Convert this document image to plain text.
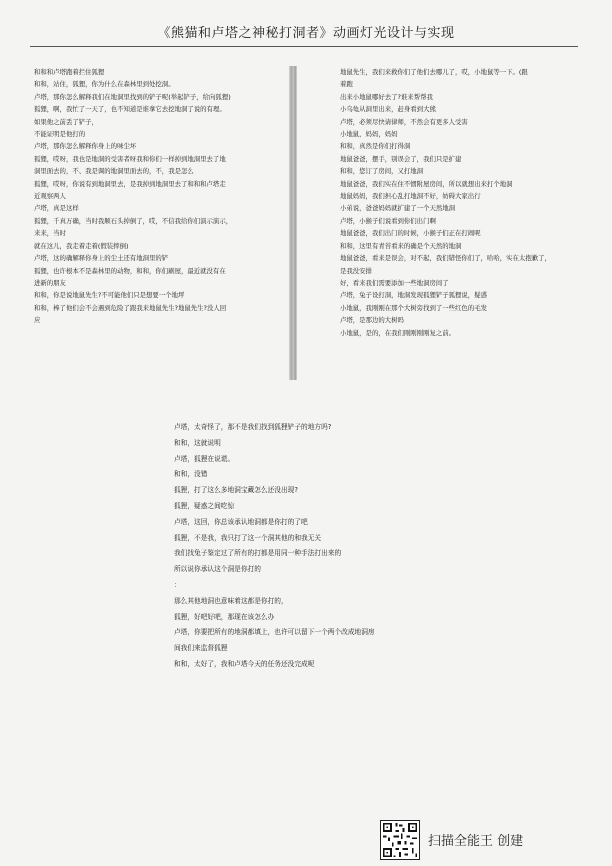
《熊猫和卢塔之神秘打洞者》动画灯光设计与实现
和和和卢塔跑着拦住狐狸
和和，站住，狐狸，你为什么在森林里到处挖洞。
卢塔，那你怎么解释我们在地洞里找到的铲子呢(举起铲子，给向狐狸)
狐狸，啊，我忙了一天了，也不知道是谁拿它去挖地洞了说的有理。
如果他之前丢了铲子，
不能证明是他打的
卢塔，那你怎么解释你身上的味尘坏
狐狸，哎呀，我也是地洞的受害者呀我和你们一样掉到地洞里去了地
洞里面去的，不、我是调的地洞里面去的，不，我是怎么
狐狸，哎呀，你说有到地洞里去，是我掉到地洞里去了和和和卢塔走
近观察两人
卢塔，真是这样
狐狸，千真万确，当时我顺石头掉倒了，哎，不信我给你们演示演示，
来来，当时
就在这儿，我走着走着(假装摔倒)
卢塔，这的确解释你身上的尘土还有地洞里的铲
狐狸，也许根本不是森林里的动物，和和，你们刷屋，最近就没有在
进新的朋友
和和，你是说地鼠先生?不可能他们只是想要一个地坪
和和，棒了他们会不会遇到危险了跟我来地鼠先生?地鼠先生?没人回
应
地鼠先生，我们来救你们了他们去哪儿了，哎，小地鼠等一下。(跟
着跑
出来小地鼠哪好去了?谁来帮帮我
小乌龟从洞里出来，赶身看到大熊
卢塔，必须尽快请律师，不然会有更多人受害
小地鼠，妈妈，妈妈
和和，真然是你们打得洞
地鼠爸爸，摆手，别误会了，我们只是扩建
和和，您订了房间，又打地洞
地鼠爸爸，我们实在住不惯附屋房间，所以就想出来打个地洞
地鼠妈妈，我们担心乱打地洞不好，妨碍大家出行
小弟说，爸爸妈妈就扩建了一个天然地洞
卢塔，小猴子们说看到你们出门啊
地鼠爸爸，我们出门的时候，小猴子们正在打闹呢
和和，这里有青苔看来的确是个天然的地洞
地鼠爸爸，看来是误会，对不起，我们错怪你们了，哈哈，实在太抱歉了，
是我没安排
好，看来我们需要添加一些地洞房间了
卢塔，兔子设打洞，地洞发现狐狸铲子狐狸说，疑惑
小地鼠，我刚刚在那个大树旁找到了一些红色的毛发
卢塔，是那边的大树吗
小地鼠，是的，在我们刚刚刚刚复之前。
卢塔，太奇怪了，那不是我们找到狐狸铲子的地方吗?
和和，这就说明
卢塔，狐狸在说谎。
和和，没错
狐狸，打了这么多地洞宝藏怎么还没出现?
狐狸，疑惑之间吃惊
卢塔，这回，你总该承认地洞都是你打的了吧
狐狸，不是我，我只打了这一个洞其他的和我无关
我们找兔子鉴定过了所有的打都是用同一种手法打出来的
所以说你承认这个洞是你打的
：
那么其他地洞也意味着这都是你打的，
狐狸，好吧好吧，那现在该怎么办
卢塔，你要把所有的地洞都填上，也许可以留下一个两个改成地洞房
间我们来监督狐狸
和和，太好了，我和卢塔今天的任务还没完成呢
扫描全能王 创建
